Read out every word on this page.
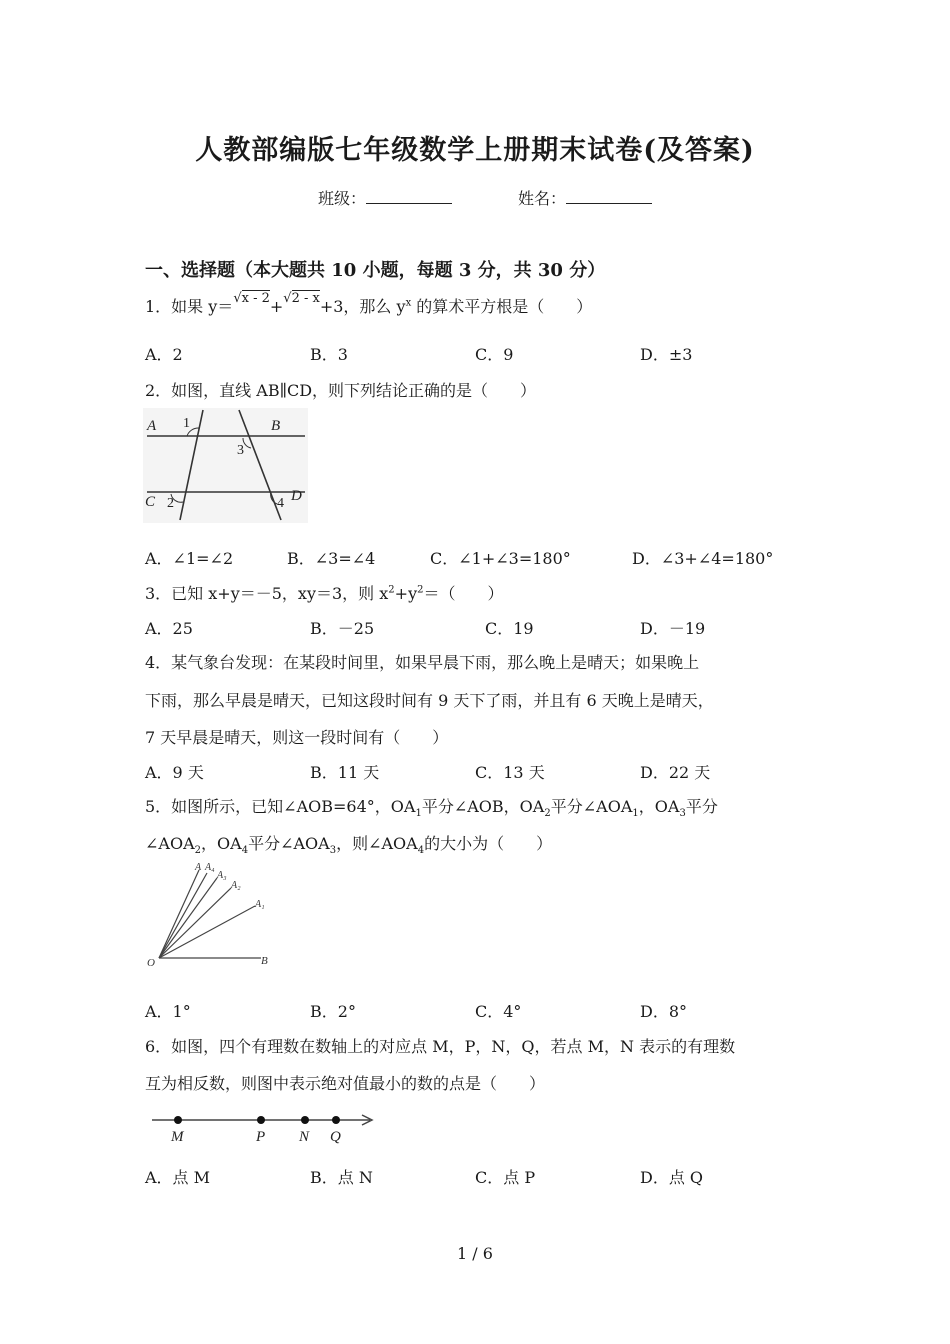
人教部编版七年级数学上册期末试卷(及答案)
班级：	姓名：
一、选择题（本大题共 10 小题，每题 3 分，共 30 分）
1．如果 y＝$^{√x - 2}$+$^{√2 - x}$+3，那么 $y^x$ 的算术平方根是（　　）
A．2	B．3	C．9	D．±3
2．如图，直线 AB∥CD，则下列结论正确的是（　　）
A	B
C	D
1
2
3
4
A．∠1=∠2	B．∠3=∠4	C．∠1+∠3=180°	D．∠3+∠4=180°
3．已知 x+y＝－5，xy＝3，则 $x^2+y^2=$（　　）
A．25	B．－25	C．19	D．－19
4．某气象台发现：在某段时间里，如果早晨下雨，那么晚上是晴天；如果晚上
下雨，那么早晨是晴天，已知这段时间有 9 天下了雨，并且有 6 天晚上是晴天，
7 天早晨是晴天，则这一段时间有（　　）
A．9 天	B．11 天	C．13 天	D．22 天
5．如图所示，已知∠AOB=64°，$OA_1$平分∠AOB，$OA_2$平分$\angle AOA_1$，$OA_3$平分
$\angle AOA_2$，$OA_4$平分$\angle AOA_3$，则$\angle AOA_4$的大小为（　　）
A A₄
A₃
A₂
A₁
O	B
A．1°	B．2°	C．4°	D．8°
6．如图，四个有理数在数轴上的对应点 M，P，N，Q，若点 M，N 表示的有理数
互为相反数，则图中表示绝对值最小的数的点是（　　）
M	P N Q
A．点 M	B．点 N	C．点 P	D．点 Q
1 / 6
